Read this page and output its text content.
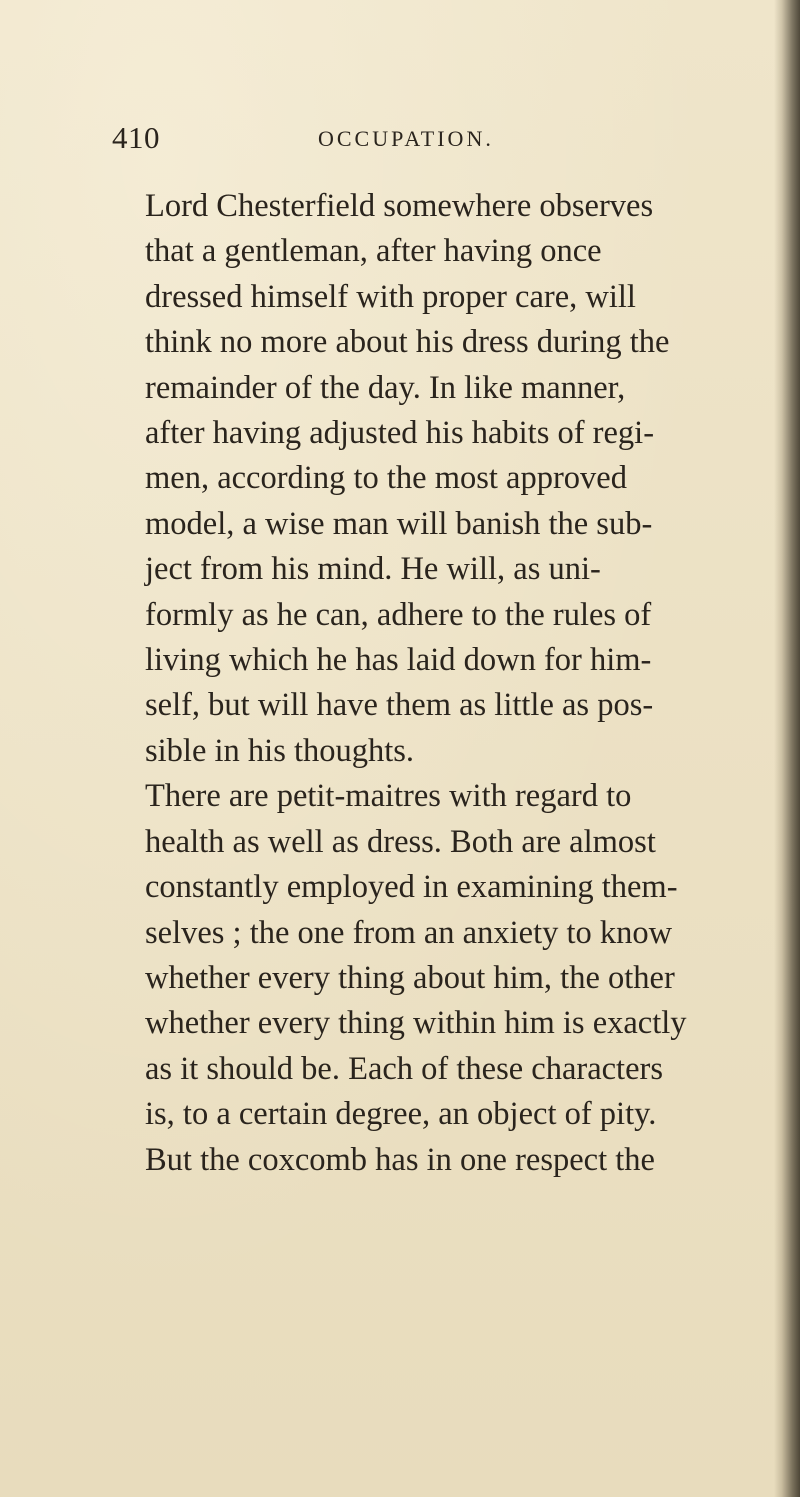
410	OCCUPATION.

Lord Chesterfield somewhere observes
that a gentleman, after having once
dressed himself with proper care, will
think no more about his dress during the
remainder of the day. In like manner,
after having adjusted his habits of regi-
men, according to the most approved
model, a wise man will banish the sub-
ject from his mind. He will, as uni-
formly as he can, adhere to the rules of
living which he has laid down for him-
self, but will have them as little as pos-
sible in his thoughts.

There are petit-maitres with regard to
health as well as dress. Both are almost
constantly employed in examining them-
selves ; the one from an anxiety to know
whether every thing about him, the other
whether every thing within him is exactly
as it should be. Each of these characters
is, to a certain degree, an object of pity.
But the coxcomb has in one respect the
